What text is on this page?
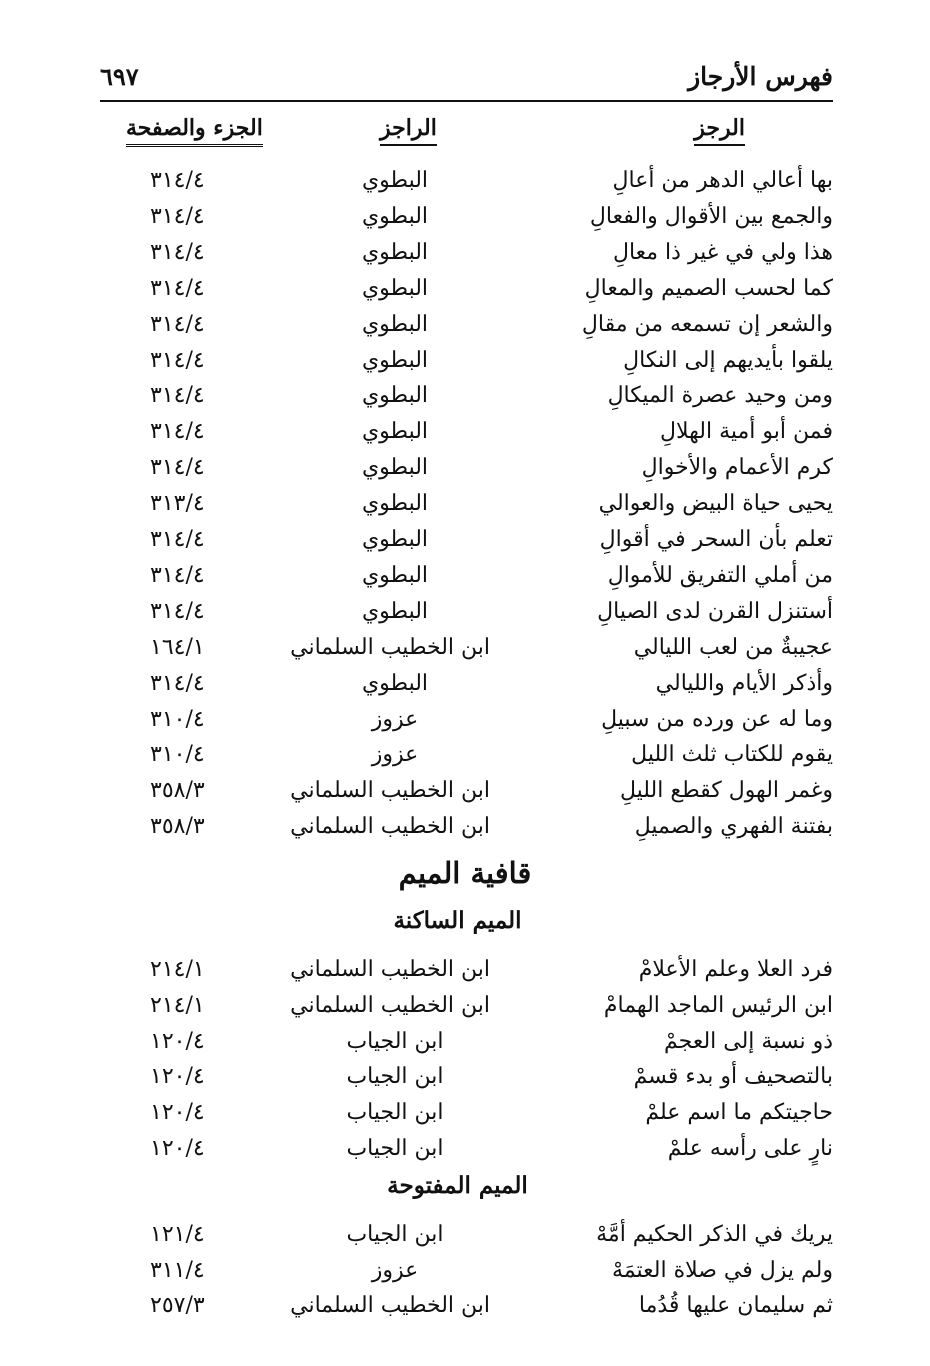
فهرس الأرجاز
٦٩٧
الرجز
الراجز
الجزء والصفحة
بها أعالي الدهر من أعالِ
البطوي
٣١٤/٤
والجمع بين الأقوال والفعالِ
البطوي
٣١٤/٤
هذا ولي في غير ذا معالِ
البطوي
٣١٤/٤
كما لحسب الصميم والمعالِ
البطوي
٣١٤/٤
والشعر إن تسمعه من مقالِ
البطوي
٣١٤/٤
يلقوا بأيديهم إلى النكالِ
البطوي
٣١٤/٤
ومن وحيد عصرة الميكالِ
البطوي
٣١٤/٤
فمن أبو أمية الهلالِ
البطوي
٣١٤/٤
كرم الأعمام والأخوالِ
البطوي
٣١٤/٤
يحيى حياة البيض والعوالي
البطوي
٣١٣/٤
تعلم بأن السحر في أقوالِ
البطوي
٣١٤/٤
من أملي التفريق للأموالِ
البطوي
٣١٤/٤
أستنزل القرن لدى الصيالِ
البطوي
٣١٤/٤
عجيبةٌ من لعب الليالي
ابن الخطيب السلماني
١٦٤/١
وأذكر الأيام والليالي
البطوي
٣١٤/٤
وما له عن ورده من سبيلِ
عزوز
٣١٠/٤
يقوم للكتاب ثلث الليل
عزوز
٣١٠/٤
وغمر الهول كقطع الليلِ
ابن الخطيب السلماني
٣٥٨/٣
بفتنة الفهري والصميلِ
ابن الخطيب السلماني
٣٥٨/٣
قافية الميم
الميم الساكنة
فرد العلا وعلم الأعلامْ
ابن الخطيب السلماني
٢١٤/١
ابن الرئيس الماجد الهمامْ
ابن الخطيب السلماني
٢١٤/١
ذو نسبة إلى العجمْ
ابن الجياب
١٢٠/٤
بالتصحيف أو بدء قسمْ
ابن الجياب
١٢٠/٤
حاجيتكم ما اسم علمْ
ابن الجياب
١٢٠/٤
نارٍ على رأسه علمْ
ابن الجياب
١٢٠/٤
الميم المفتوحة
يريك في الذكر الحكيم أمَّهْ
ابن الجياب
١٢١/٤
ولم يزل في صلاة العتمَهْ
عزوز
٣١١/٤
ثم سليمان عليها قُدُما
ابن الخطيب السلماني
٢٥٧/٣
